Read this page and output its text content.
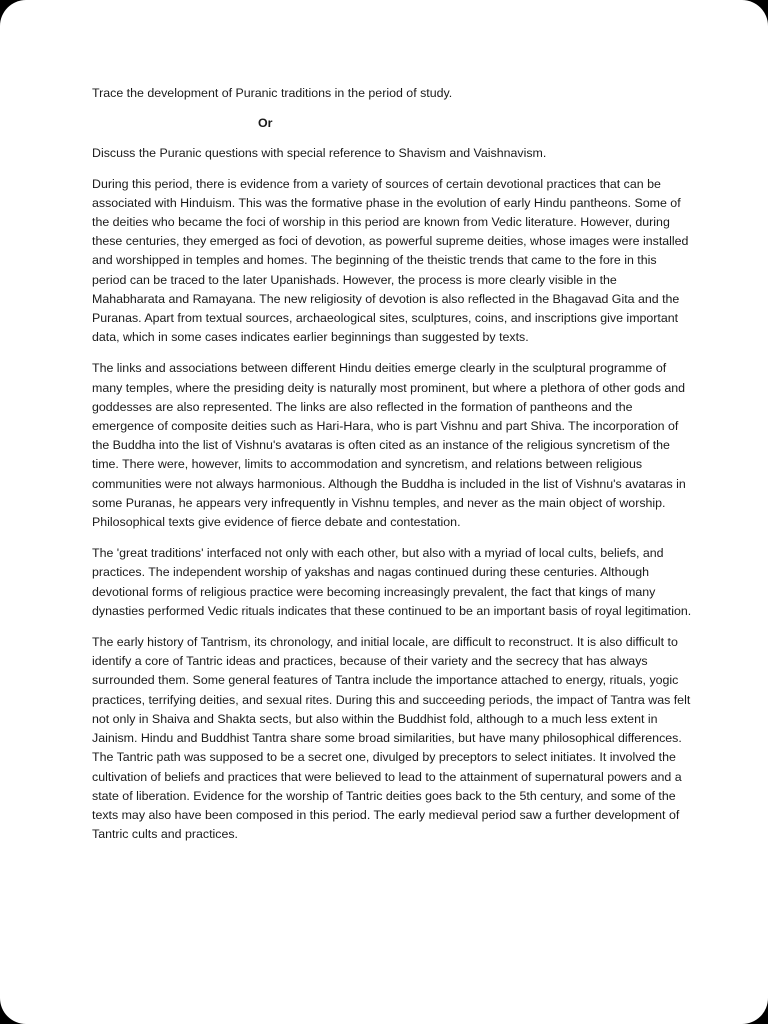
Trace the development of Puranic traditions in the period of study.

Or

Discuss the Puranic questions with special reference to Shavism and Vaishnavism.

During this period, there is evidence from a variety of sources of certain devotional practices that can be associated with Hinduism. This was the formative phase in the evolution of early Hindu pantheons. Some of the deities who became the foci of worship in this period are known from Vedic literature. However, during these centuries, they emerged as foci of devotion, as powerful supreme deities, whose images were installed and worshipped in temples and homes. The beginning of the theistic trends that came to the fore in this period can be traced to the later Upanishads. However, the process is more clearly visible in the Mahabharata and Ramayana. The new religiosity of devotion is also reflected in the Bhagavad Gita and the Puranas. Apart from textual sources, archaeological sites, sculptures, coins, and inscriptions give important data, which in some cases indicates earlier beginnings than suggested by texts.

The links and associations between different Hindu deities emerge clearly in the sculptural programme of many temples, where the presiding deity is naturally most prominent, but where a plethora of other gods and goddesses are also represented. The links are also reflected in the formation of pantheons and the emergence of composite deities such as Hari-Hara, who is part Vishnu and part Shiva. The incorporation of the Buddha into the list of Vishnu's avataras is often cited as an instance of the religious syncretism of the time. There were, however, limits to accommodation and syncretism, and relations between religious communities were not always harmonious. Although the Buddha is included in the list of Vishnu's avataras in some Puranas, he appears very infrequently in Vishnu temples, and never as the main object of worship. Philosophical texts give evidence of fierce debate and contestation.

The 'great traditions' interfaced not only with each other, but also with a myriad of local cults, beliefs, and practices. The independent worship of yakshas and nagas continued during these centuries. Although devotional forms of religious practice were becoming increasingly prevalent, the fact that kings of many dynasties performed Vedic rituals indicates that these continued to be an important basis of royal legitimation.

The early history of Tantrism, its chronology, and initial locale, are difficult to reconstruct. It is also difficult to identify a core of Tantric ideas and practices, because of their variety and the secrecy that has always surrounded them. Some general features of Tantra include the importance attached to energy, rituals, yogic practices, terrifying deities, and sexual rites. During this and succeeding periods, the impact of Tantra was felt not only in Shaiva and Shakta sects, but also within the Buddhist fold, although to a much less extent in Jainism. Hindu and Buddhist Tantra share some broad similarities, but have many philosophical differences. The Tantric path was supposed to be a secret one, divulged by preceptors to select initiates. It involved the cultivation of beliefs and practices that were believed to lead to the attainment of supernatural powers and a state of liberation. Evidence for the worship of Tantric deities goes back to the 5th century, and some of the texts may also have been composed in this period. The early medieval period saw a further development of Tantric cults and practices.
